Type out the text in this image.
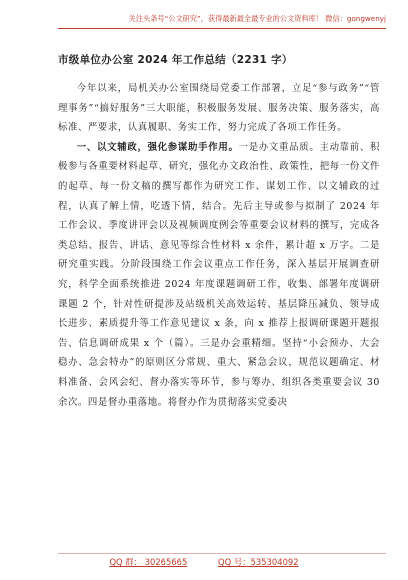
关注头条号“公文研究”，获得最新最全最专业的公文资料库！ 微信：gongwenyj
市级单位办公室 2024 年工作总结（2231 字）

今年以来，局机关办公室围绕局党委工作部署，立足“参与政务”“管理事务”“搞好服务”三大职能，积极服务发展、服务决策、服务落实，高标准、严要求，认真履职、务实工作，努力完成了各项工作任务。

一、以文辅政，强化参谋助手作用。一是办文重品质。主动靠前、积极参与各重要材料起草、研究，强化办文政治性、政策性，把每一份文件的起草、每一份文稿的撰写都作为研究工作、谋划工作、以文辅政的过程，认真了解上情，吃透下情，结合。先后主导或参与拟制了 2024 年工作会议、季度讲评会以及视频调度例会等重要会议材料的撰写，完成各类总结、报告、讲话、意见等综合性材料 x 余件，累计超 x 万字。二是研究重实践。分阶段围绕工作会议重点工作任务，深入基层开展调查研究，科学全面系统推进 2024 年度课题调研工作，收集、部署年度调研课题 2 个，针对性研提涉及站级机关高效运转、基层降压减负、领导成长进步、素质提升等工作意见建议 x 条，向 x 推荐上报调研课题开题报告、信息调研成果 x 个（篇）。三是办会重精细。坚持“小会预办、大会稳办、急会特办”的原则区分常规、重大、紧急会议，规范议题确定、材料准备、会风会纪、督办落实等环节，参与筹办、组织各类重要会议 30 余次。四是督办重落地。将督办作为贯彻落实党委决

QQ 群： 30265665	QQ 号：535304092
